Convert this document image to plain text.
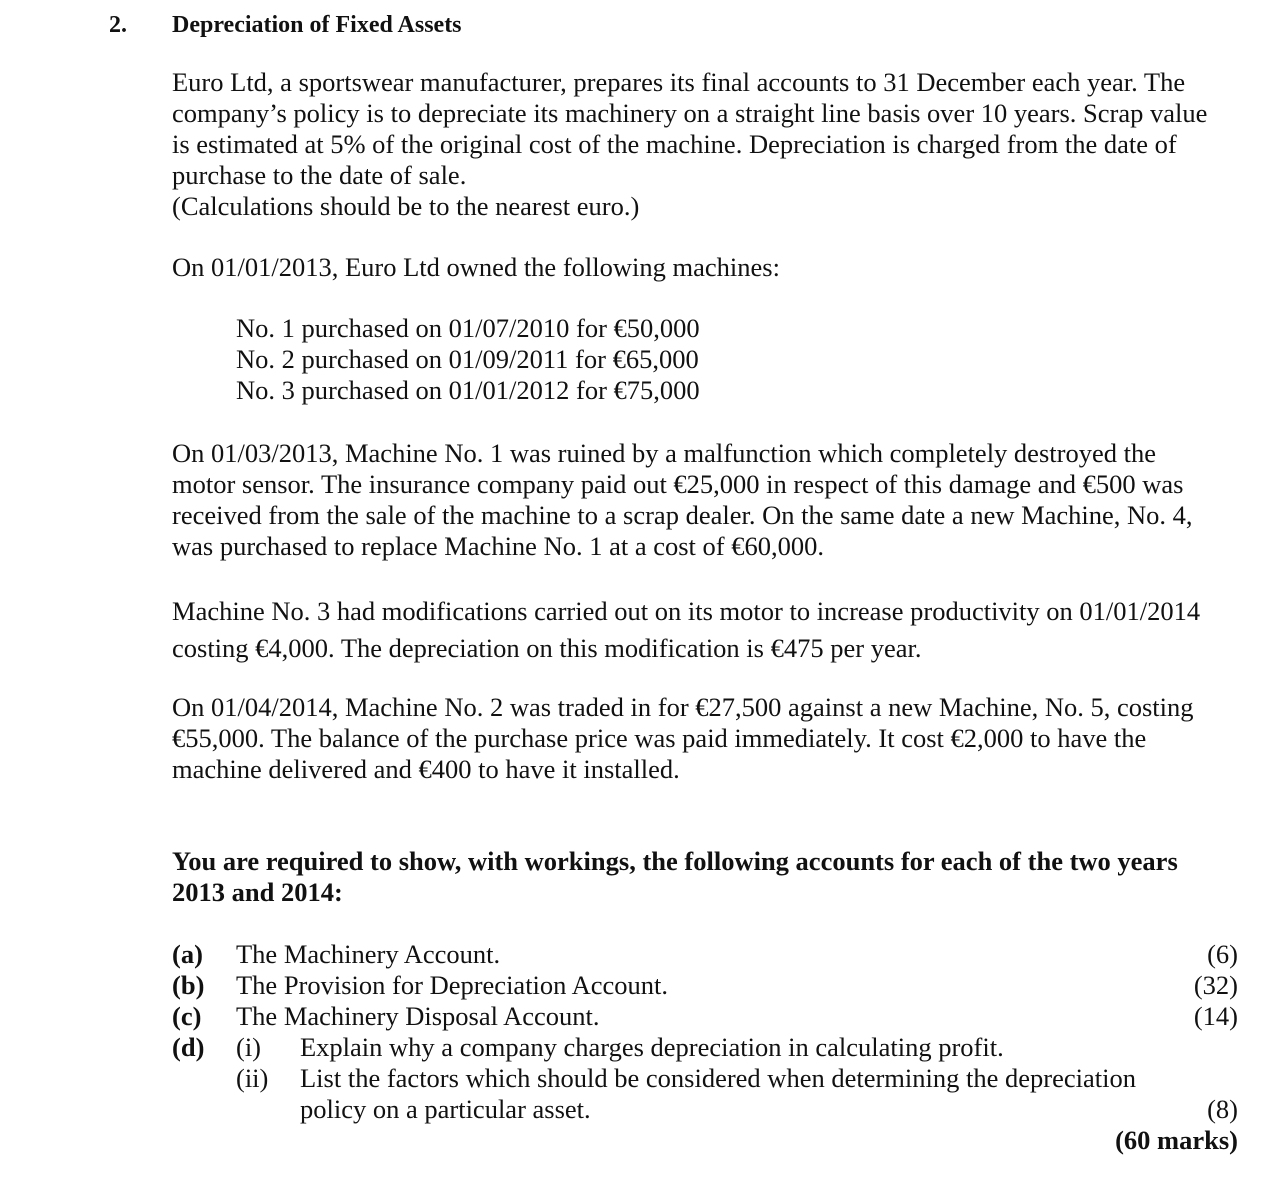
2. Depreciation of Fixed Assets
Euro Ltd, a sportswear manufacturer, prepares its final accounts to 31 December each year. The
company’s policy is to depreciate its machinery on a straight line basis over 10 years. Scrap value
is estimated at 5% of the original cost of the machine. Depreciation is charged from the date of
purchase to the date of sale.
(Calculations should be to the nearest euro.)
On 01/01/2013, Euro Ltd owned the following machines:
No. 1 purchased on 01/07/2010 for €50,000
No. 2 purchased on 01/09/2011 for €65,000
No. 3 purchased on 01/01/2012 for €75,000
On 01/03/2013, Machine No. 1 was ruined by a malfunction which completely destroyed the
motor sensor. The insurance company paid out €25,000 in respect of this damage and €500 was
received from the sale of the machine to a scrap dealer. On the same date a new Machine, No. 4,
was purchased to replace Machine No. 1 at a cost of €60,000.
Machine No. 3 had modifications carried out on its motor to increase productivity on 01/01/2014
costing €4,000. The depreciation on this modification is €475 per year.
On 01/04/2014, Machine No. 2 was traded in for €27,500 against a new Machine, No. 5, costing
€55,000. The balance of the purchase price was paid immediately. It cost €2,000 to have the
machine delivered and €400 to have it installed.
You are required to show, with workings, the following accounts for each of the two years
2013 and 2014:
(a) The Machinery Account.	(6)
(b) The Provision for Depreciation Account.	(32)
(c) The Machinery Disposal Account.	(14)
(d) (i) Explain why a company charges depreciation in calculating profit.
(ii) List the factors which should be considered when determining the depreciation
policy on a particular asset.	(8)
(60 marks)
